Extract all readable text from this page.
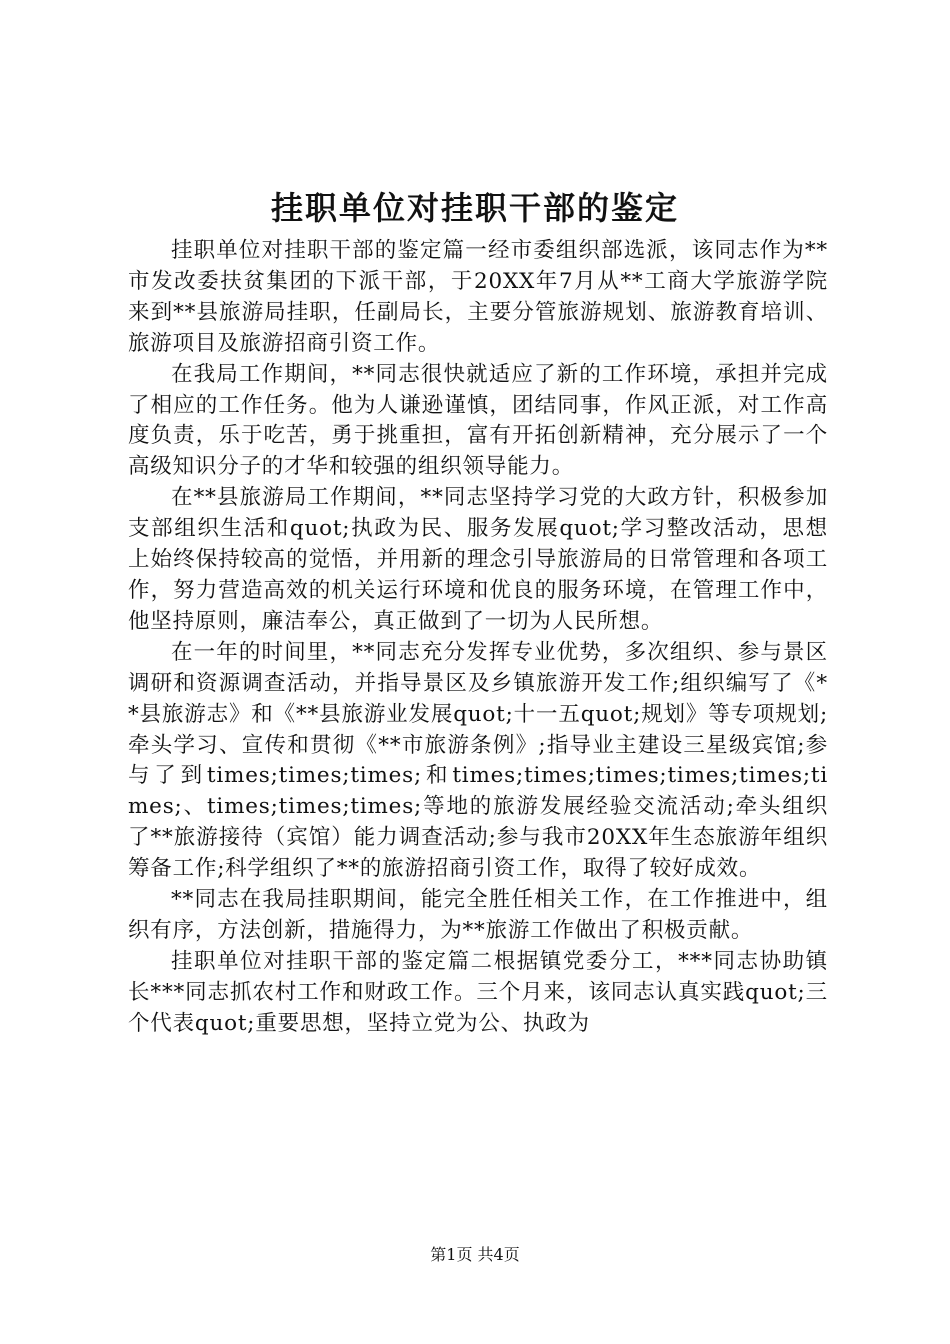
挂职单位对挂职干部的鉴定

挂职单位对挂职干部的鉴定篇一经市委组织部选派，该同志作为**市发改委扶贫集团的下派干部，于20XX年7月从**工商大学旅游学院来到**县旅游局挂职，任副局长，主要分管旅游规划、旅游教育培训、旅游项目及旅游招商引资工作。

在我局工作期间，**同志很快就适应了新的工作环境，承担并完成了相应的工作任务。他为人谦逊谨慎，团结同事，作风正派，对工作高度负责，乐于吃苦，勇于挑重担，富有开拓创新精神，充分展示了一个高级知识分子的才华和较强的组织领导能力。

在**县旅游局工作期间，**同志坚持学习党的大政方针，积极参加支部组织生活和quot;执政为民、服务发展quot;学习整改活动，思想上始终保持较高的觉悟，并用新的理念引导旅游局的日常管理和各项工作，努力营造高效的机关运行环境和优良的服务环境，在管理工作中，他坚持原则，廉洁奉公，真正做到了一切为人民所想。

在一年的时间里，**同志充分发挥专业优势，多次组织、参与景区调研和资源调查活动，并指导景区及乡镇旅游开发工作;组织编写了《**县旅游志》和《**县旅游业发展quot;十一五quot;规划》等专项规划;牵头学习、宣传和贯彻《**市旅游条例》;指导业主建设三星级宾馆;参与了到times;times;times;和times;times;times;times;times;times;、times;times;times;等地的旅游发展经验交流活动;牵头组织了**旅游接待（宾馆）能力调查活动;参与我市20XX年生态旅游年组织筹备工作;科学组织了**的旅游招商引资工作，取得了较好成效。

**同志在我局挂职期间，能完全胜任相关工作，在工作推进中，组织有序，方法创新，措施得力，为**旅游工作做出了积极贡献。

挂职单位对挂职干部的鉴定篇二根据镇党委分工，***同志协助镇长***同志抓农村工作和财政工作。三个月来，该同志认真实践quot;三个代表quot;重要思想，坚持立党为公、执政为

第1页 共4页
